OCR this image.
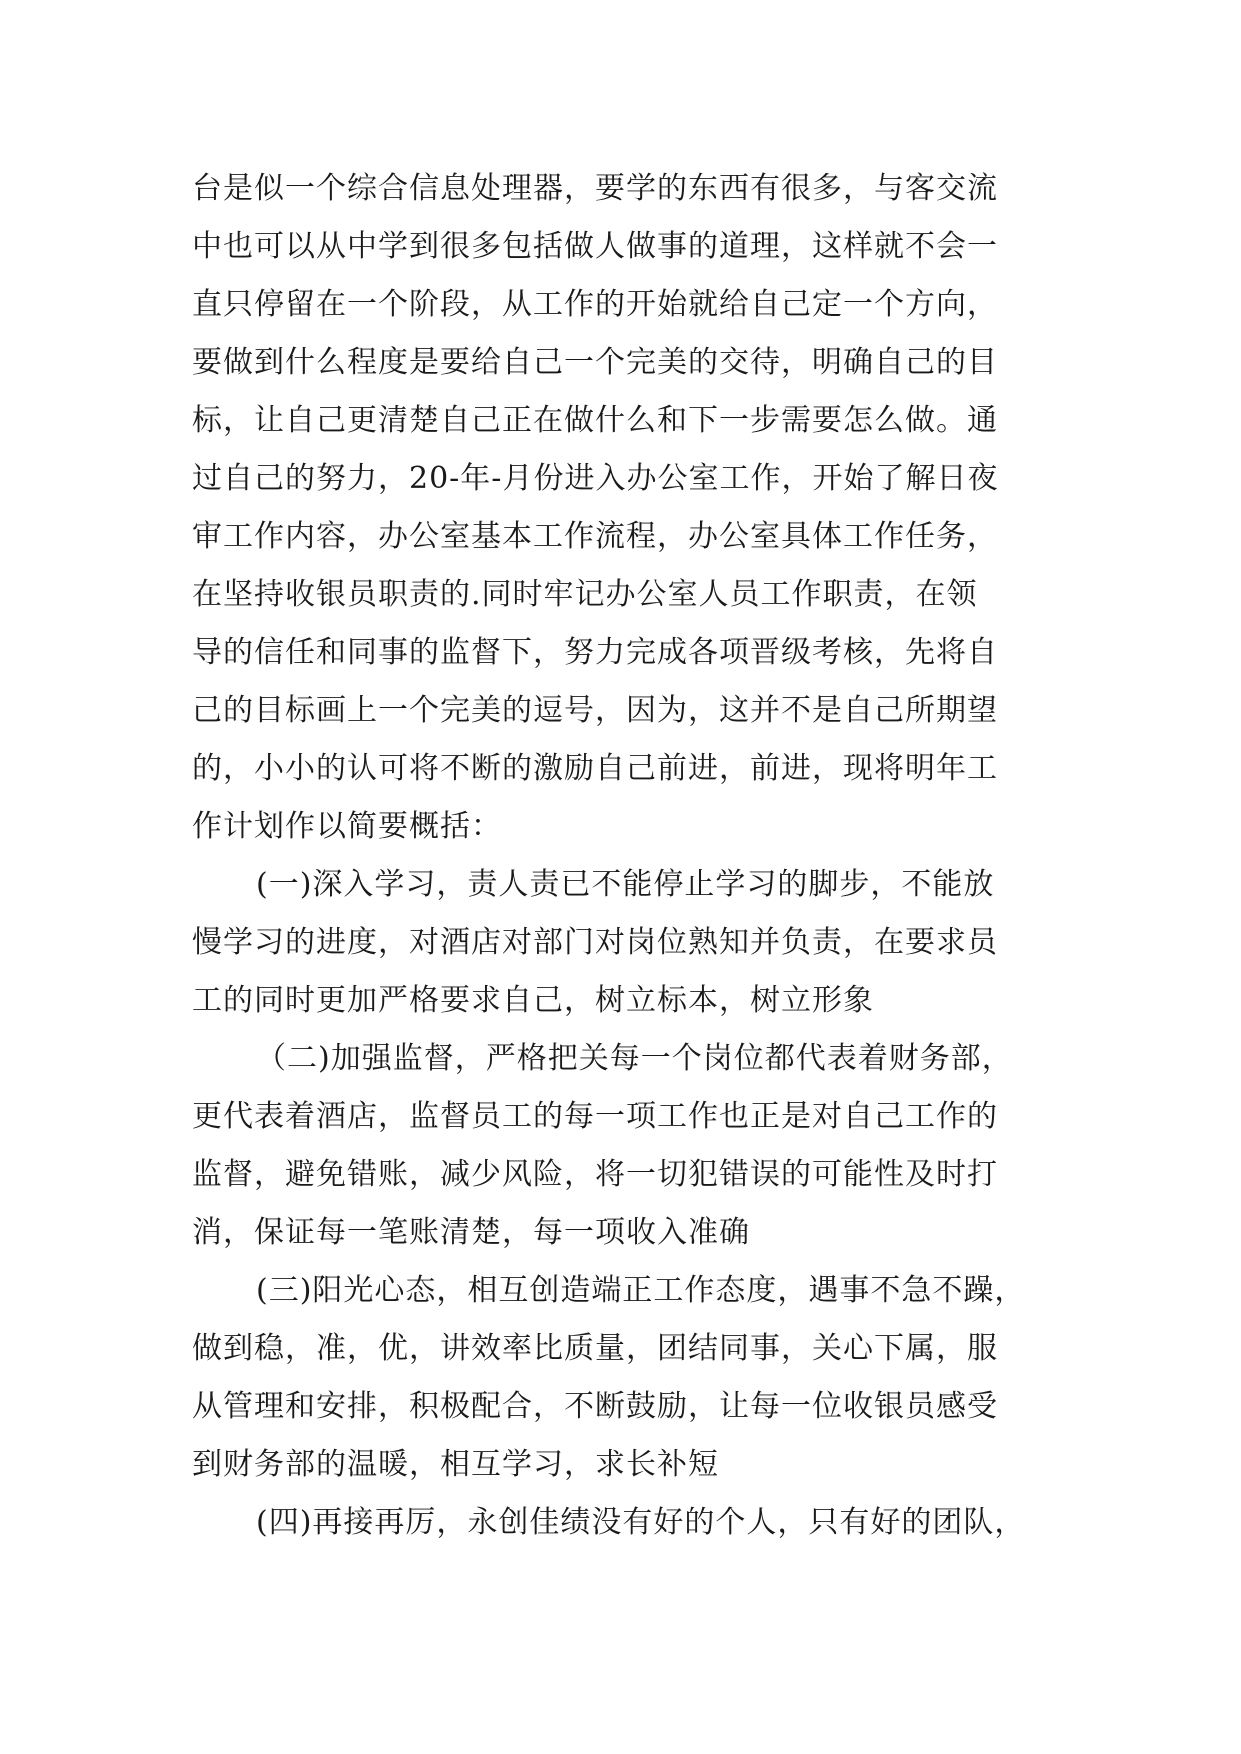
台是似一个综合信息处理器，要学的东西有很多，与客交流
中也可以从中学到很多包括做人做事的道理，这样就不会一
直只停留在一个阶段，从工作的开始就给自己定一个方向，
要做到什么程度是要给自己一个完美的交待，明确自己的目
标，让自己更清楚自己正在做什么和下一步需要怎么做。通
过自己的努力，20-年-月份进入办公室工作，开始了解日夜
审工作内容，办公室基本工作流程，办公室具体工作任务，
在坚持收银员职责的.同时牢记办公室人员工作职责，在领
导的信任和同事的监督下，努力完成各项晋级考核，先将自
己的目标画上一个完美的逗号，因为，这并不是自己所期望
的，小小的认可将不断的激励自己前进，前进，现将明年工
作计划作以简要概括：
(一)深入学习，责人责已不能停止学习的脚步，不能放
慢学习的进度，对酒店对部门对岗位熟知并负责，在要求员
工的同时更加严格要求自己，树立标本，树立形象
（二)加强监督，严格把关每一个岗位都代表着财务部，
更代表着酒店，监督员工的每一项工作也正是对自己工作的
监督，避免错账，减少风险，将一切犯错误的可能性及时打
消，保证每一笔账清楚，每一项收入准确
(三)阳光心态，相互创造端正工作态度，遇事不急不躁，
做到稳，准，优，讲效率比质量，团结同事，关心下属，服
从管理和安排，积极配合，不断鼓励，让每一位收银员感受
到财务部的温暖，相互学习，求长补短
(四)再接再厉，永创佳绩没有好的个人，只有好的团队，
